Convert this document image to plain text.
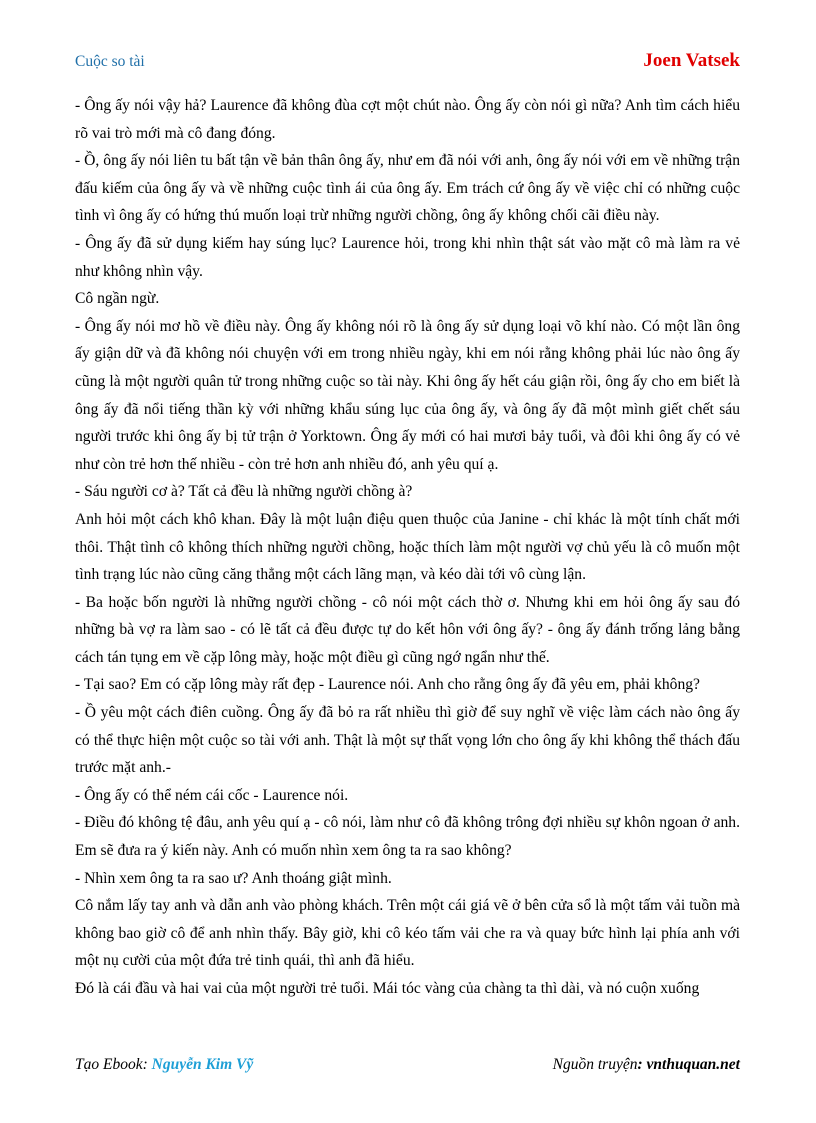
Cuộc so tài	Joen Vatsek

- Ông ấy nói vậy hả? Laurence đã không đùa cợt một chút nào. Ông ấy còn nói gì nữa? Anh tìm cách hiểu rõ vai trò mới mà cô đang đóng.

- Ồ, ông ấy nói liên tu bất tận về bản thân ông ấy, như em đã nói với anh, ông ấy nói với em về những trận đấu kiếm của ông ấy và về những cuộc tình ái của ông ấy. Em trách cứ ông ấy về việc chỉ có những cuộc tình vì ông ấy có hứng thú muốn loại trừ những người chồng, ông ấy không chối cãi điều này.

- Ông ấy đã sử dụng kiếm hay súng lục? Laurence hỏi, trong khi nhìn thật sát vào mặt cô mà làm ra vẻ như không nhìn vậy.

Cô ngần ngừ.

- Ông ấy nói mơ hồ về điều này. Ông ấy không nói rõ là ông ấy sử dụng loại võ khí nào. Có một lần ông ấy giận dữ và đã không nói chuyện với em trong nhiều ngày, khi em nói rằng không phải lúc nào ông ấy cũng là một người quân tử trong những cuộc so tài này. Khi ông ấy hết cáu giận rồi, ông ấy cho em biết là ông ấy đã nổi tiếng thần kỳ với những khẩu súng lục của ông ấy, và ông ấy đã một mình giết chết sáu người trước khi ông ấy bị tử trận ở Yorktown. Ông ấy mới có hai mươi bảy tuổi, và đôi khi ông ấy có vẻ như còn trẻ hơn thế nhiều - còn trẻ hơn anh nhiều đó, anh yêu quí ạ.

- Sáu người cơ à? Tất cả đều là những người chồng à?

Anh hỏi một cách khô khan. Đây là một luận điệu quen thuộc của Janine - chỉ khác là một tính chất mới thôi. Thật tình cô không thích những người chồng, hoặc thích làm một người vợ chủ yếu là cô muốn một tình trạng lúc nào cũng căng thẳng một cách lãng mạn, và kéo dài tới vô cùng lận.

- Ba hoặc bốn người là những người chồng - cô nói một cách thờ ơ. Nhưng khi em hỏi ông ấy sau đó những bà vợ ra làm sao - có lẽ tất cả đều được tự do kết hôn với ông ấy? - ông ấy đánh trống lảng bằng cách tán tụng em về cặp lông mày, hoặc một điều gì cũng ngớ ngẩn như thế.

- Tại sao? Em có cặp lông mày rất đẹp - Laurence nói. Anh cho rằng ông ấy đã yêu em, phải không?

- Ồ yêu một cách điên cuồng. Ông ấy đã bỏ ra rất nhiều thì giờ để suy nghĩ về việc làm cách nào ông ấy có thể thực hiện một cuộc so tài với anh. Thật là một sự thất vọng lớn cho ông ấy khi không thể thách đấu trước mặt anh.-

- Ông ấy có thể ném cái cốc - Laurence nói.

- Điều đó không tệ đâu, anh yêu quí ạ - cô nói, làm như cô đã không trông đợi nhiều sự khôn ngoan ở anh. Em sẽ đưa ra ý kiến này. Anh có muốn nhìn xem ông ta ra sao không?

- Nhìn xem ông ta ra sao ư? Anh thoáng giật mình.

Cô nắm lấy tay anh và dẫn anh vào phòng khách. Trên một cái giá vẽ ở bên cửa sổ là một tấm vải tuồn mà không bao giờ cô để anh nhìn thấy. Bây giờ, khi cô kéo tấm vải che ra và quay bức hình lại phía anh với một nụ cười của một đứa trẻ tinh quái, thì anh đã hiểu.

Đó là cái đầu và hai vai của một người trẻ tuổi. Mái tóc vàng của chàng ta thì dài, và nó cuộn xuống

Tạo Ebook: Nguyễn Kim Vỹ	Nguồn truyện: vnthuquan.net
